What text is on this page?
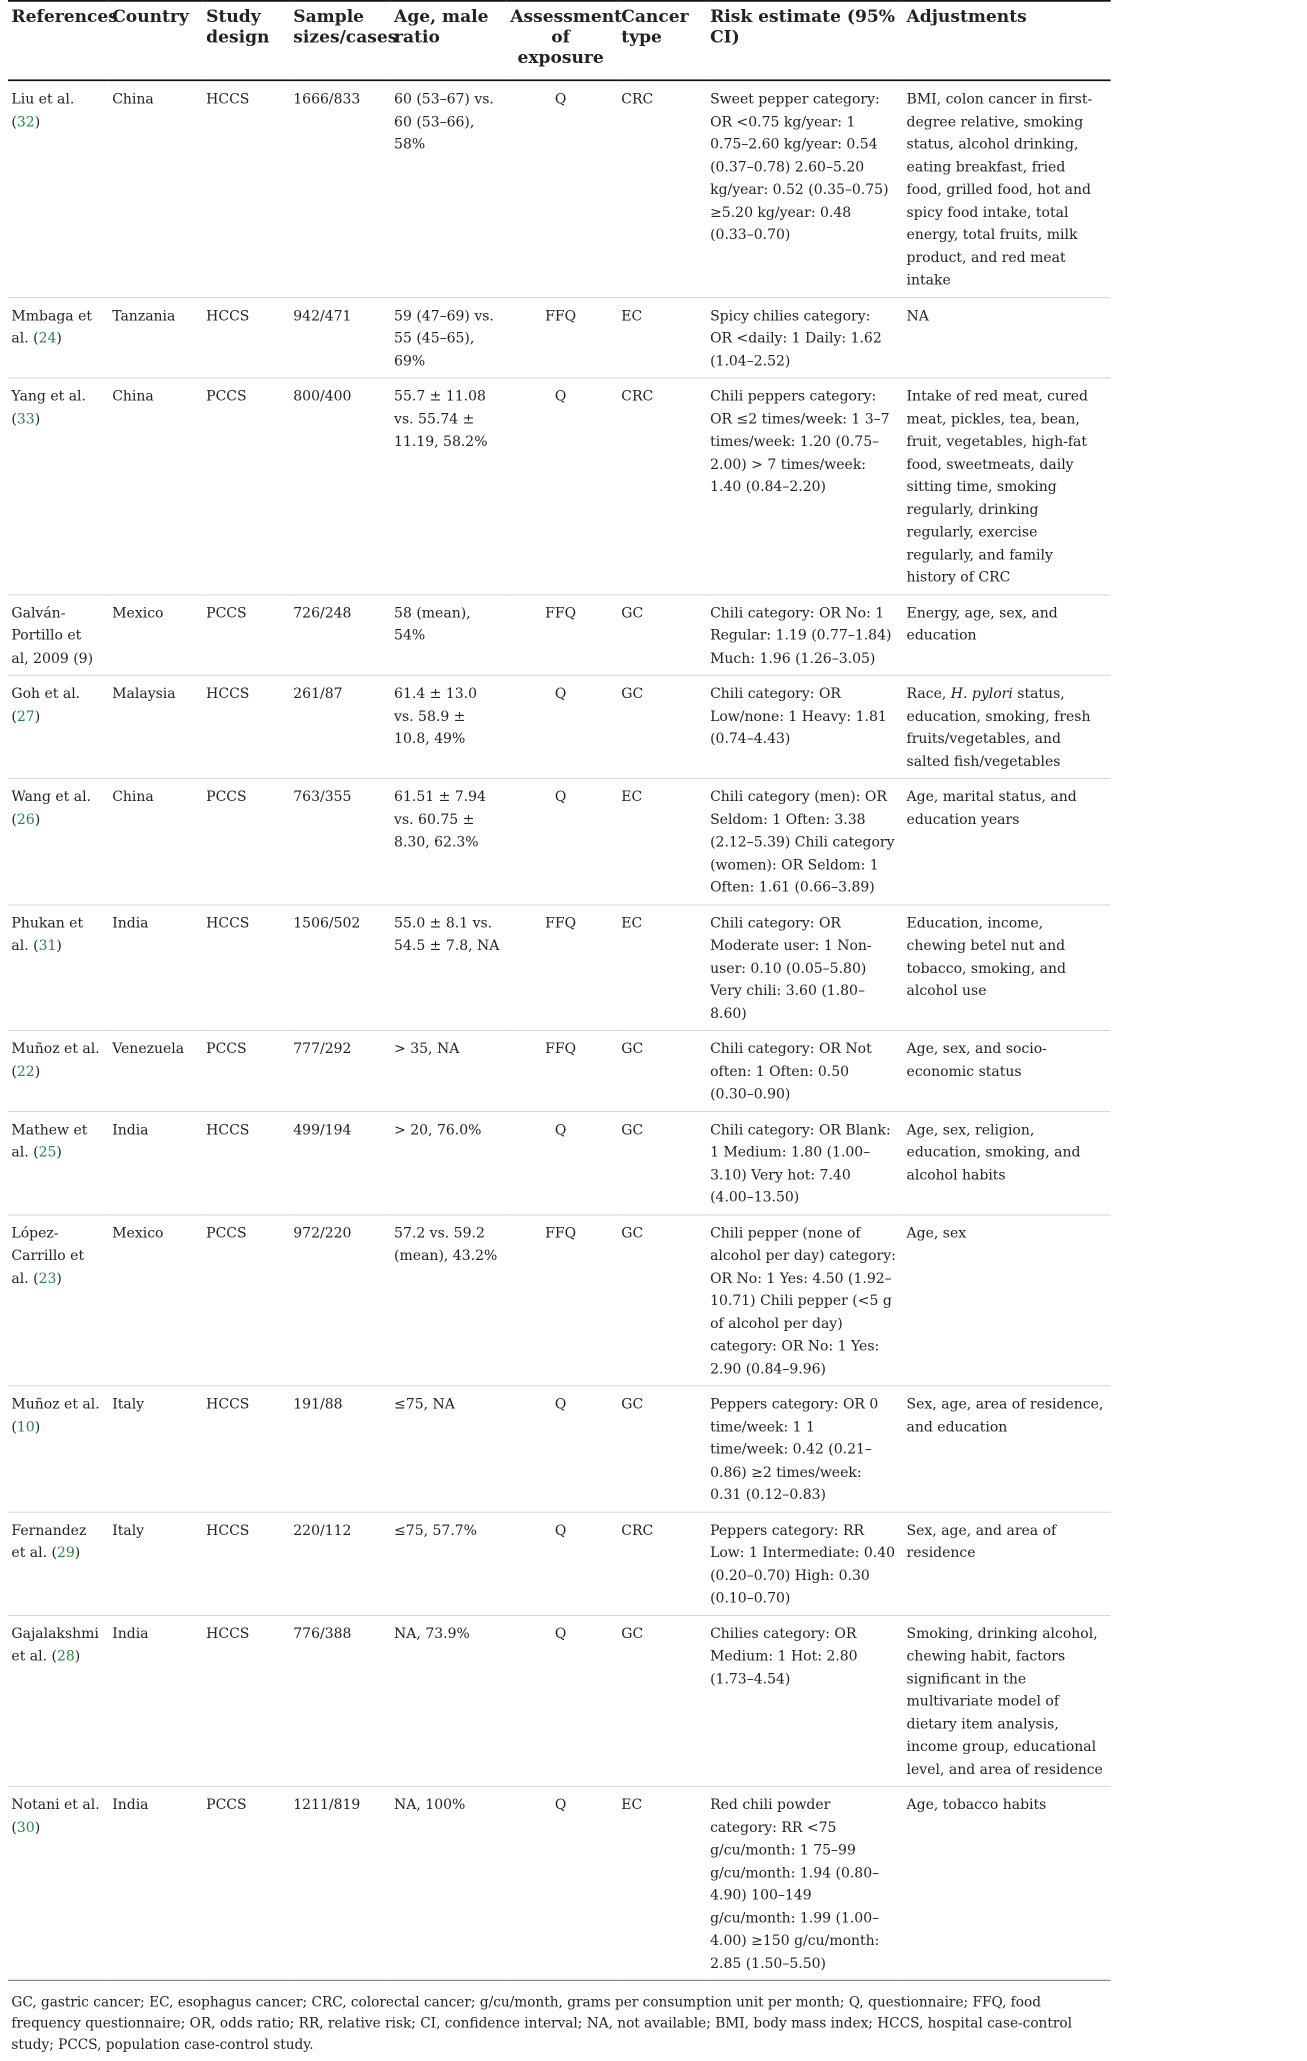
References	Country	Study design	Sample sizes/cases	Age, male ratio	Assessment of exposure	Cancer type	Risk estimate (95% CI)	Adjustments
Liu et al. (32)	China	HCCS	1666/833	60 (53–67) vs. 60 (53–66), 58%	Q	CRC	Sweet pepper category: OR <0.75 kg/year: 1 0.75–2.60 kg/year: 0.54 (0.37–0.78) 2.60–5.20 kg/year: 0.52 (0.35–0.75) ≥5.20 kg/year: 0.48 (0.33–0.70)	BMI, colon cancer in first-degree relative, smoking status, alcohol drinking, eating breakfast, fried food, grilled food, hot and spicy food intake, total energy, total fruits, milk product, and red meat intake
Mmbaga et al. (24)	Tanzania	HCCS	942/471	59 (47–69) vs. 55 (45–65), 69%	FFQ	EC	Spicy chilies category: OR <daily: 1 Daily: 1.62 (1.04–2.52)	NA
Yang et al. (33)	China	PCCS	800/400	55.7 ± 11.08 vs. 55.74 ± 11.19, 58.2%	Q	CRC	Chili peppers category: OR ≤2 times/week: 1 3–7 times/week: 1.20 (0.75–2.00) > 7 times/week: 1.40 (0.84–2.20)	Intake of red meat, cured meat, pickles, tea, bean, fruit, vegetables, high-fat food, sweetmeats, daily sitting time, smoking regularly, drinking regularly, exercise regularly, and family history of CRC
Galván-Portillo et al, 2009 (9)	Mexico	PCCS	726/248	58 (mean), 54%	FFQ	GC	Chili category: OR No: 1 Regular: 1.19 (0.77–1.84) Much: 1.96 (1.26–3.05)	Energy, age, sex, and education
Goh et al. (27)	Malaysia	HCCS	261/87	61.4 ± 13.0 vs. 58.9 ± 10.8, 49%	Q	GC	Chili category: OR Low/none: 1 Heavy: 1.81 (0.74–4.43)	Race, H. pylori status, education, smoking, fresh fruits/vegetables, and salted fish/vegetables
Wang et al. (26)	China	PCCS	763/355	61.51 ± 7.94 vs. 60.75 ± 8.30, 62.3%	Q	EC	Chili category (men): OR Seldom: 1 Often: 3.38 (2.12–5.39) Chili category (women): OR Seldom: 1 Often: 1.61 (0.66–3.89)	Age, marital status, and education years
Phukan et al. (31)	India	HCCS	1506/502	55.0 ± 8.1 vs. 54.5 ± 7.8, NA	FFQ	EC	Chili category: OR Moderate user: 1 Non-user: 0.10 (0.05–5.80) Very chili: 3.60 (1.80–8.60)	Education, income, chewing betel nut and tobacco, smoking, and alcohol use
Muñoz et al. (22)	Venezuela	PCCS	777/292	> 35, NA	FFQ	GC	Chili category: OR Not often: 1 Often: 0.50 (0.30–0.90)	Age, sex, and socio-economic status
Mathew et al. (25)	India	HCCS	499/194	> 20, 76.0%	Q	GC	Chili category: OR Blank: 1 Medium: 1.80 (1.00–3.10) Very hot: 7.40 (4.00–13.50)	Age, sex, religion, education, smoking, and alcohol habits
López-Carrillo et al. (23)	Mexico	PCCS	972/220	57.2 vs. 59.2 (mean), 43.2%	FFQ	GC	Chili pepper (none of alcohol per day) category: OR No: 1 Yes: 4.50 (1.92–10.71) Chili pepper (<5 g of alcohol per day) category: OR No: 1 Yes: 2.90 (0.84–9.96)	Age, sex
Muñoz et al. (10)	Italy	HCCS	191/88	≤75, NA	Q	GC	Peppers category: OR 0 time/week: 1 1 time/week: 0.42 (0.21–0.86) ≥2 times/week: 0.31 (0.12–0.83)	Sex, age, area of residence, and education
Fernandez et al. (29)	Italy	HCCS	220/112	≤75, 57.7%	Q	CRC	Peppers category: RR Low: 1 Intermediate: 0.40 (0.20–0.70) High: 0.30 (0.10–0.70)	Sex, age, and area of residence
Gajalakshmi et al. (28)	India	HCCS	776/388	NA, 73.9%	Q	GC	Chilies category: OR Medium: 1 Hot: 2.80 (1.73–4.54)	Smoking, drinking alcohol, chewing habit, factors significant in the multivariate model of dietary item analysis, income group, educational level, and area of residence
Notani et al. (30)	India	PCCS	1211/819	NA, 100%	Q	EC	Red chili powder category: RR <75 g/cu/month: 1 75–99 g/cu/month: 1.94 (0.80–4.90) 100–149 g/cu/month: 1.99 (1.00–4.00) ≥150 g/cu/month: 2.85 (1.50–5.50)	Age, tobacco habits
GC, gastric cancer; EC, esophagus cancer; CRC, colorectal cancer; g/cu/month, grams per consumption unit per month; Q, questionnaire; FFQ, food frequency questionnaire; OR, odds ratio; RR, relative risk; CI, confidence interval; NA, not available; BMI, body mass index; HCCS, hospital case-control study; PCCS, population case-control study.
